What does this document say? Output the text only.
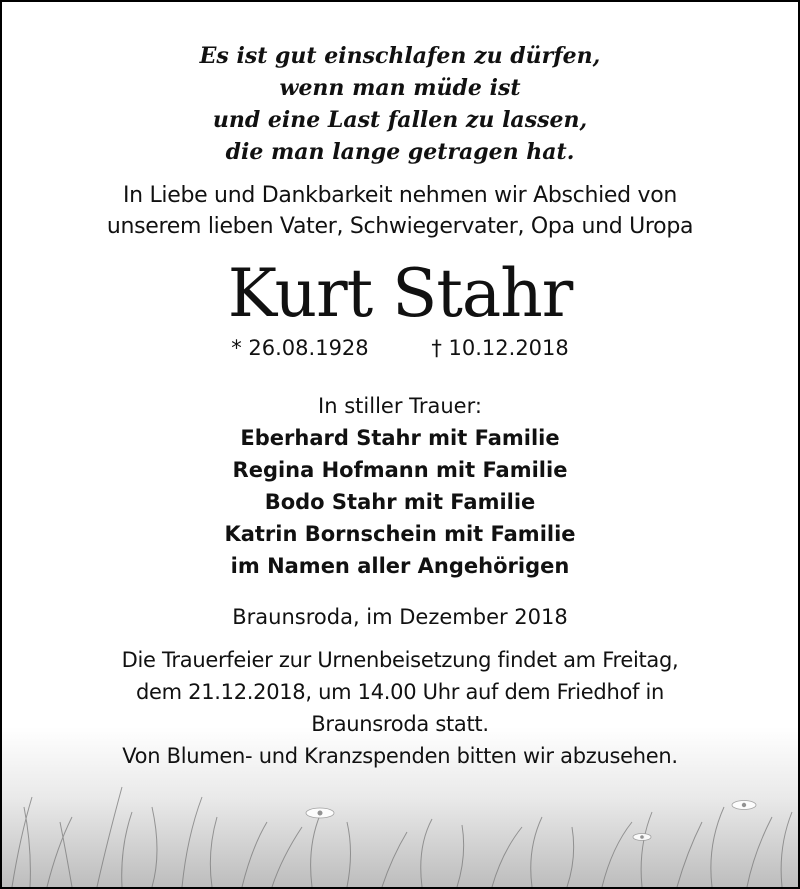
Es ist gut einschlafen zu dürfen,
wenn man müde ist
und eine Last fallen zu lassen,
die man lange getragen hat.
In Liebe und Dankbarkeit nehmen wir Abschied von
unserem lieben Vater, Schwiegervater, Opa und Uropa
Kurt Stahr
* 26.08.1928	† 10.12.2018
In stiller Trauer:
Eberhard Stahr mit Familie
Regina Hofmann mit Familie
Bodo Stahr mit Familie
Katrin Bornschein mit Familie
im Namen aller Angehörigen
Braunsroda, im Dezember 2018
Die Trauerfeier zur Urnenbeisetzung findet am Freitag,
dem 21.12.2018, um 14.00 Uhr auf dem Friedhof in
Braunsroda statt.
Von Blumen- und Kranzspenden bitten wir abzusehen.
